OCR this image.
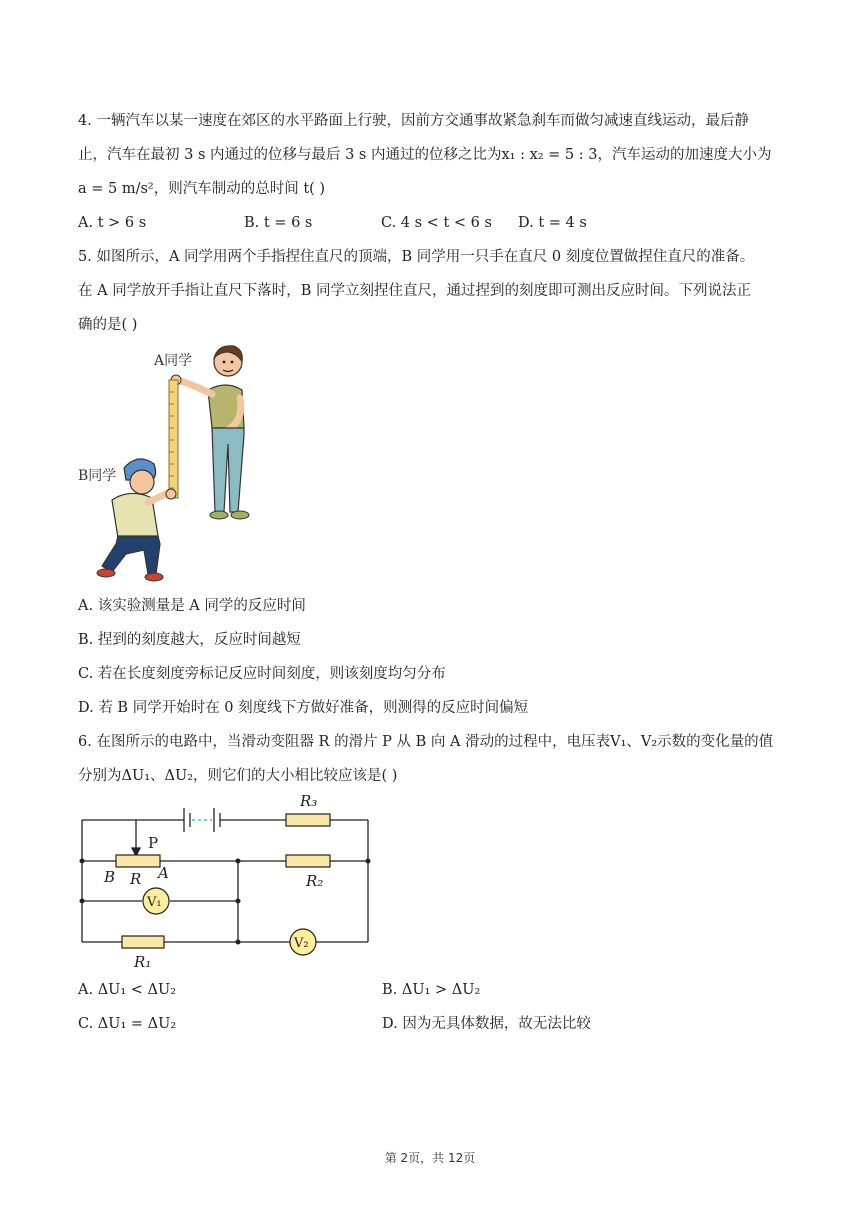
4. 一辆汽车以某一速度在郊区的水平路面上行驶，因前方交通事故紧急刹车而做匀减速直线运动，最后静
止，汽车在最初 3 s 内通过的位移与最后 3 s 内通过的位移之比为x₁ : x₂ = 5 : 3，汽车运动的加速度大小为
a = 5 m/s²，则汽车制动的总时间 t( )
A. t > 6 s	B. t = 6 s	C. 4 s < t < 6 s D. t = 4 s
5. 如图所示，A 同学用两个手指捏住直尺的顶端，B 同学用一只手在直尺 0 刻度位置做捏住直尺的准备。
在 A 同学放开手指让直尺下落时，B 同学立刻捏住直尺，通过捏到的刻度即可测出反应时间。下列说法正
确的是( )
A同学
B同学
A. 该实验测量是 A 同学的反应时间
B. 捏到的刻度越大，反应时间越短
C. 若在长度刻度旁标记反应时间刻度，则该刻度均匀分布
D. 若 B 同学开始时在 0 刻度线下方做好准备，则测得的反应时间偏短
6. 在图所示的电路中，当滑动变阻器 R 的滑片 P 从 B 向 A 滑动的过程中，电压表V₁、V₂示数的变化量的值
分别为ΔU₁、ΔU₂，则它们的大小相比较应该是( )
R₃
P
B R A	R₂
V₁
R₁
V₂
A. ΔU₁ < ΔU₂	B. ΔU₁ > ΔU₂
C. ΔU₁ = ΔU₂	D. 因为无具体数据，故无法比较
第 2页，共 12页
